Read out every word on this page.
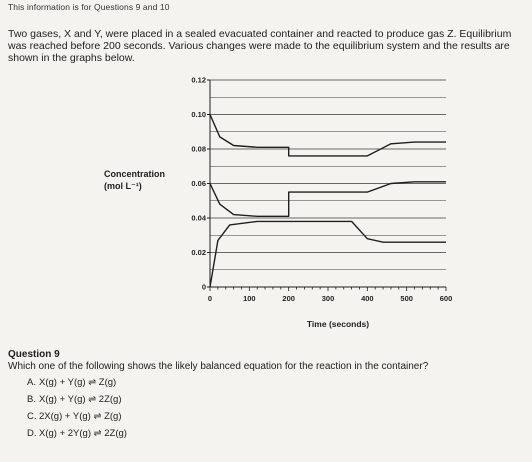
This information is for Questions 9 and 10
Two gases, X and Y, were placed in a sealed evacuated container and reacted to produce gas Z. Equilibrium was reached before 200 seconds. Various changes were made to the equilibrium system and the results are shown in the graphs below.
Concentration
(mol L⁻¹)
0
0.02
0.04
0.06
0.08
0.10
0.12
0	100	200	300	400	500	600
Time (seconds)
Question 9
Which one of the following shows the likely balanced equation for the reaction in the container?
A. X(g) + Y(g) ⇌ Z(g)
B. X(g) + Y(g) ⇌ 2Z(g)
C. 2X(g) + Y(g) ⇌ Z(g)
D. X(g) + 2Y(g) ⇌ 2Z(g)
